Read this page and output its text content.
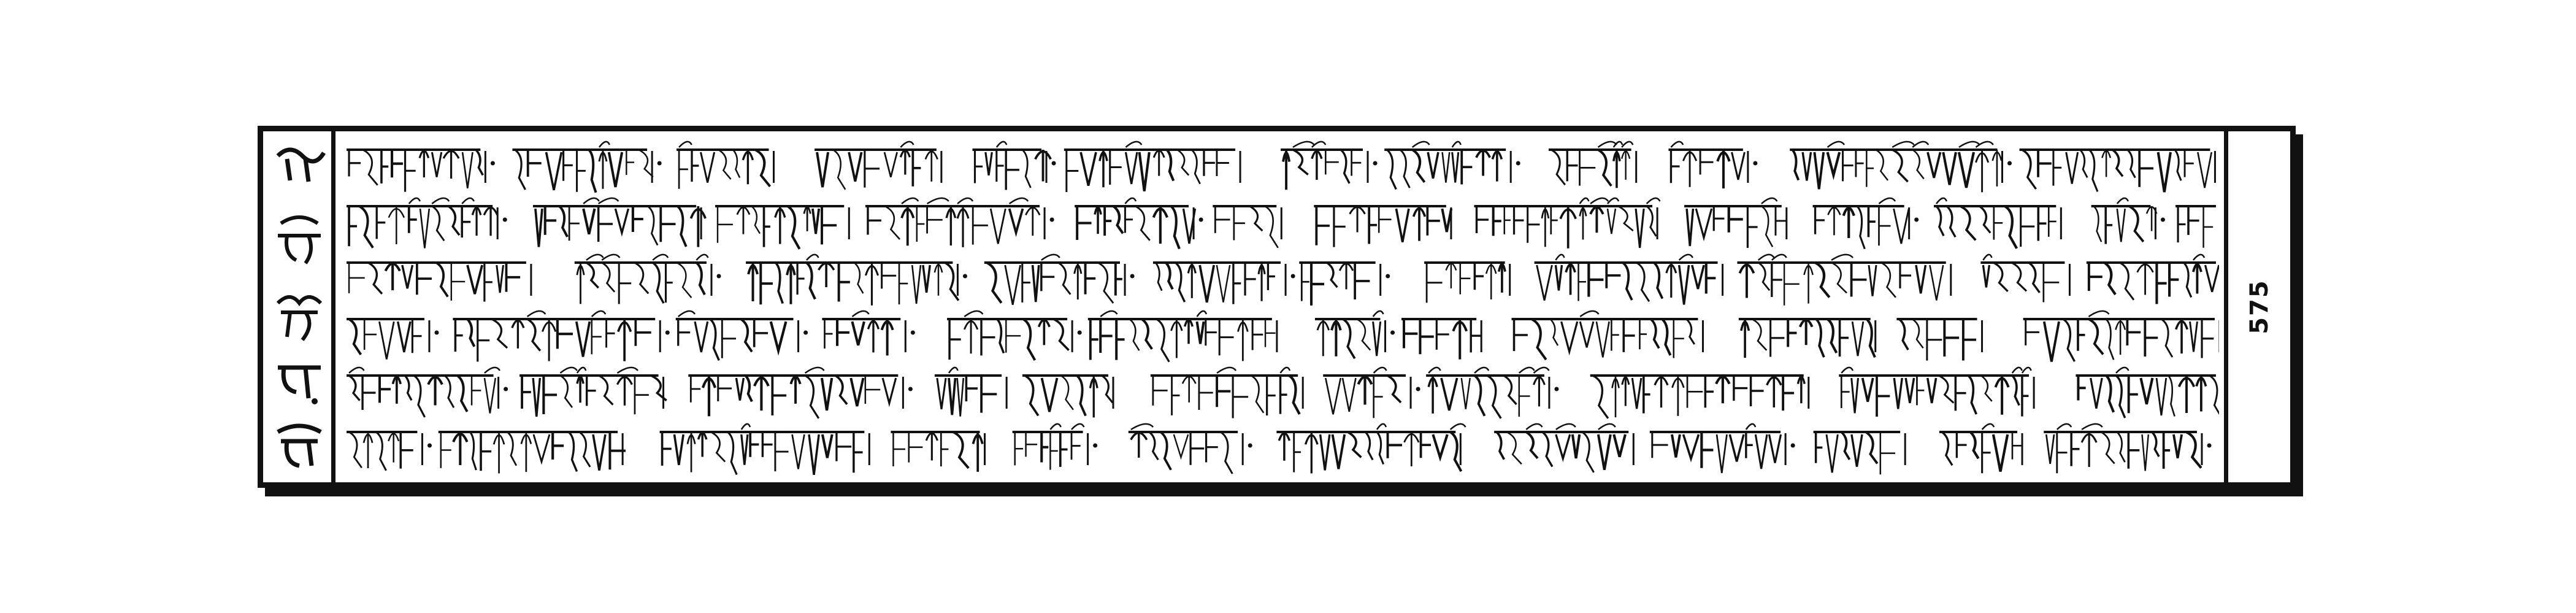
575
